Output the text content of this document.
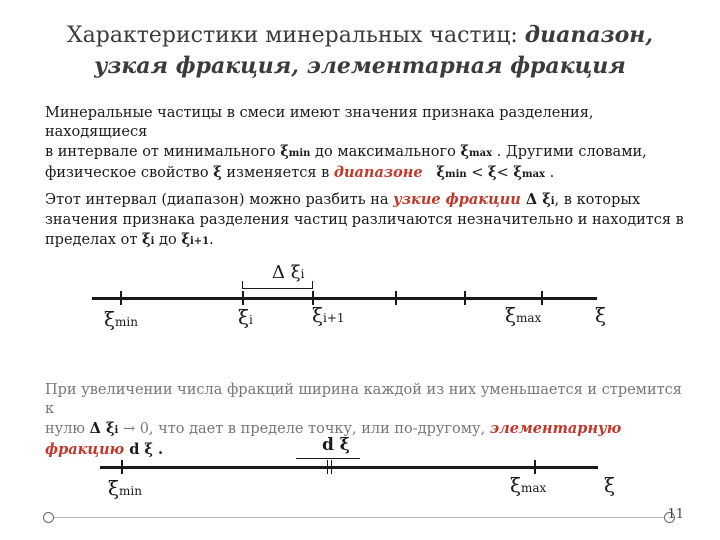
Характеристики минеральных частиц: диапазон,
узкая фракция, элементарная фракция
Минеральные частицы в смеси имеют значения признака разделения, находящиеся
в интервале от минимального ξmin до максимального ξmax . Другими словами,
физическое свойство ξ изменяется в диапазоне ξmin < ξ< ξmax .
Этот интервал (диапазон) можно разбить на узкие фракции Δ ξi, в которых
значения признака разделения частиц различаются незначительно и находится в
пределах от ξi до ξi+1.
Δ ξi
ξmin	ξi	ξi+1	ξmax	ξ
При увеличении числа фракций ширина каждой из них уменьшается и стремится к
нулю Δ ξi → 0, что дает в пределе точку, или по-другому, элементарную
фракцию d ξ .	d ξ
ξmin	ξmax	ξ
11
